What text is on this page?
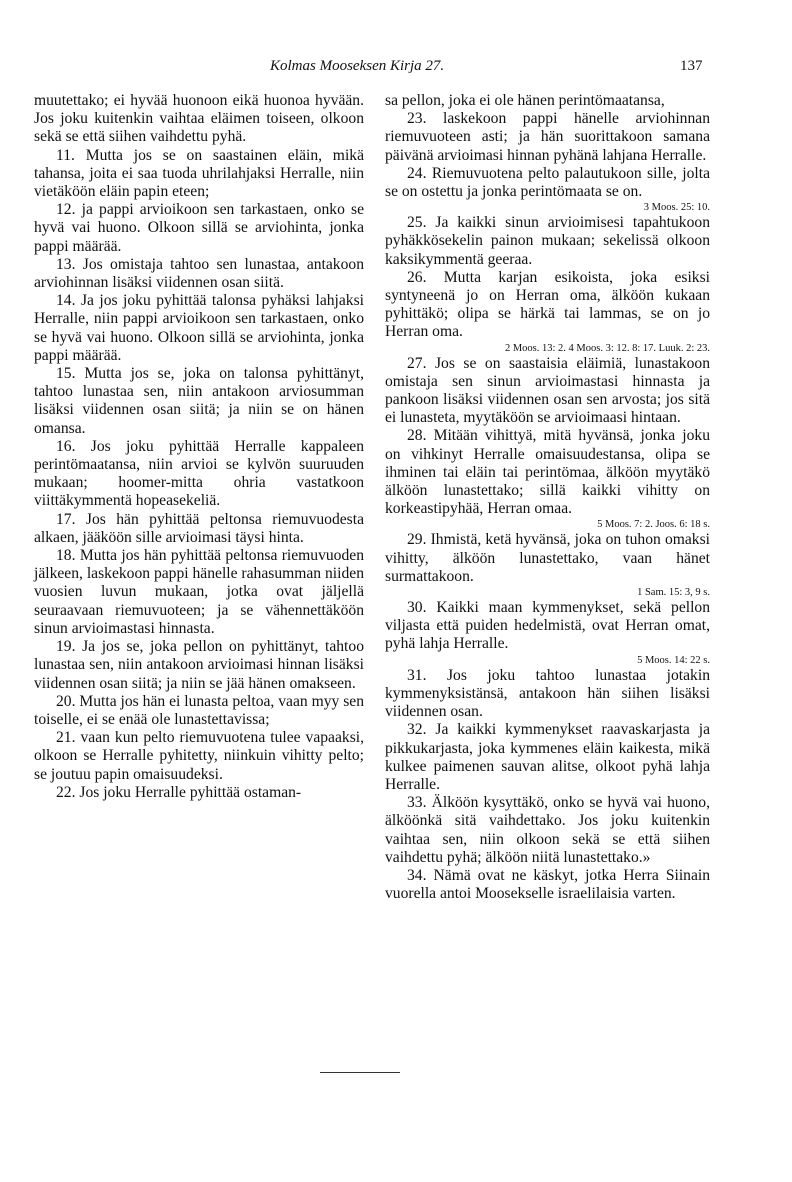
Kolmas Mooseksen Kirja 27.	137

muutettako; ei hyvää huonoon eikä huonoa hyvään. Jos joku kuitenkin vaihtaa eläimen toiseen, olkoon sekä se että siihen vaihdettu pyhä.

11. Mutta jos se on saastainen eläin, mikä tahansa, joita ei saa tuoda uhrilahjaksi Herralle, niin vietäköön eläin papin eteen;

12. ja pappi arvioikoon sen tarkastaen, onko se hyvä vai huono. Olkoon sillä se arviohinta, jonka pappi määrää.

13. Jos omistaja tahtoo sen lunastaa, antakoon arviohinnan lisäksi viidennen osan siitä.

14. Ja jos joku pyhittää talonsa pyhäksi lahjaksi Herralle, niin pappi arvioikoon sen tarkastaen, onko se hyvä vai huono. Olkoon sillä se arviohinta, jonka pappi määrää.

15. Mutta jos se, joka on talonsa pyhittänyt, tahtoo lunastaa sen, niin antakoon arviosumman lisäksi viidennen osan siitä; ja niin se on hänen omansa.

16. Jos joku pyhittää Herralle kappaleen perintömaatansa, niin arvioi se kylvön suuruuden mukaan; hoomer-mitta ohria vastatkoon viittäkymmentä hopeasekeliä.

17. Jos hän pyhittää peltonsa riemuvuodesta alkaen, jääköön sille arvioimasi täysi hinta.

18. Mutta jos hän pyhittää peltonsa riemuvuoden jälkeen, laskekoon pappi hänelle rahasumman niiden vuosien luvun mukaan, jotka ovat jäljellä seuraavaan riemuvuoteen; ja se vähennettäköön sinun arvioimastasi hinnasta.

19. Ja jos se, joka pellon on pyhittänyt, tahtoo lunastaa sen, niin antakoon arvioimasi hinnan lisäksi viidennen osan siitä; ja niin se jää hänen omakseen.

20. Mutta jos hän ei lunasta peltoa, vaan myy sen toiselle, ei se enää ole lunastettavissa;

21. vaan kun pelto riemuvuotena tulee vapaaksi, olkoon se Herralle pyhitetty, niinkuin vihitty pelto; se joutuu papin omaisuudeksi.

22. Jos joku Herralle pyhittää ostaman-

sa pellon, joka ei ole hänen perintömaatansa,

23. laskekoon pappi hänelle arviohinnan riemuvuoteen asti; ja hän suorittakoon samana päivänä arvioimasi hinnan pyhänä lahjana Herralle.

24. Riemuvuotena pelto palautukoon sille, jolta se on ostettu ja jonka perintömaata se on.
3 Moos. 25: 10.

25. Ja kaikki sinun arvioimisesi tapahtukoon pyhäkkösekelin painon mukaan; sekelissä olkoon kaksikymmentä geeraa.

26. Mutta karjan esikoista, joka esiksi syntyneenä jo on Herran oma, älköön kukaan pyhittäkö; olipa se härkä tai lammas, se on jo Herran oma.
2 Moos. 13: 2. 4 Moos. 3: 12. 8: 17. Luuk. 2: 23.

27. Jos se on saastaisia eläimiä, lunastakoon omistaja sen sinun arvioimastasi hinnasta ja pankoon lisäksi viidennen osan sen arvosta; jos sitä ei lunasteta, myytäköön se arvioimaasi hintaan.

28. Mitään vihittyä, mitä hyvänsä, jonka joku on vihkinyt Herralle omaisuudestansa, olipa se ihminen tai eläin tai perintömaa, älköön myytäkö älköön lunastettako; sillä kaikki vihitty on korkeastipyhää, Herran omaa.
5 Moos. 7: 2. Joos. 6: 18 s.

29. Ihmistä, ketä hyvänsä, joka on tuhon omaksi vihitty, älköön lunastettako, vaan hänet surmattakoon.
1 Sam. 15: 3, 9 s.

30. Kaikki maan kymmenykset, sekä pellon viljasta että puiden hedelmistä, ovat Herran omat, pyhä lahja Herralle.
5 Moos. 14: 22 s.

31. Jos joku tahtoo lunastaa jotakin kymmenyksistänsä, antakoon hän siihen lisäksi viidennen osan.

32. Ja kaikki kymmenykset raavaskarjasta ja pikkukarjasta, joka kymmenes eläin kaikesta, mikä kulkee paimenen sauvan alitse, olkoot pyhä lahja Herralle.

33. Älköön kysyttäkö, onko se hyvä vai huono, älköönkä sitä vaihdettako. Jos joku kuitenkin vaihtaa sen, niin olkoon sekä se että siihen vaihdettu pyhä; älköön niitä lunastettako.»

34. Nämä ovat ne käskyt, jotka Herra Siinain vuorella antoi Moosekselle israelilaisia varten.
